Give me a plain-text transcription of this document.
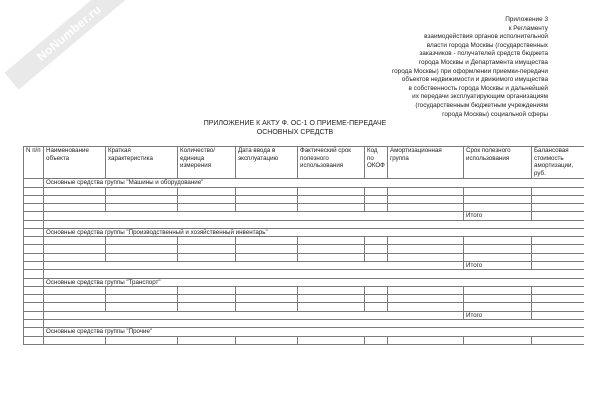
NoNumber.ru	Приложение 3
к Регламенту
взаимодействия органов исполнительной
власти города Москвы (государственных
заказчиков - получателей средств бюджета
города Москвы и Департамента имущества
города Москвы) при оформлении приемки-передачи
объектов недвижимости и движимого имущества
в собственность города Москвы и дальнейшей
их передачи эксплуатирующим организациям
(государственным бюджетным учреждениям
города Москвы) социальной сферы
ПРИЛОЖЕНИЕ К АКТУ Ф. ОС-1 О ПРИЕМЕ-ПЕРЕДАЧЕ
ОСНОВНЫХ СРЕДСТВ
N п/п	Наименование объекта	Краткая характеристика	Количество/ единица измерения	Дата ввода в эксплуатацию	Фактический срок полезного использования	Код по ОКОФ	Амортизационная группа	Срок полезного использования	Балансовая стоимость амортизации, руб.
	Основные средства группы "Машины и оборудование"								

								Итого	

	Основные средства группы "Производственный и хозяйственный инвентарь"								

								Итого	

	Основные средства группы "Транспорт"								

								Итого	

	Основные средства группы "Прочие"								
